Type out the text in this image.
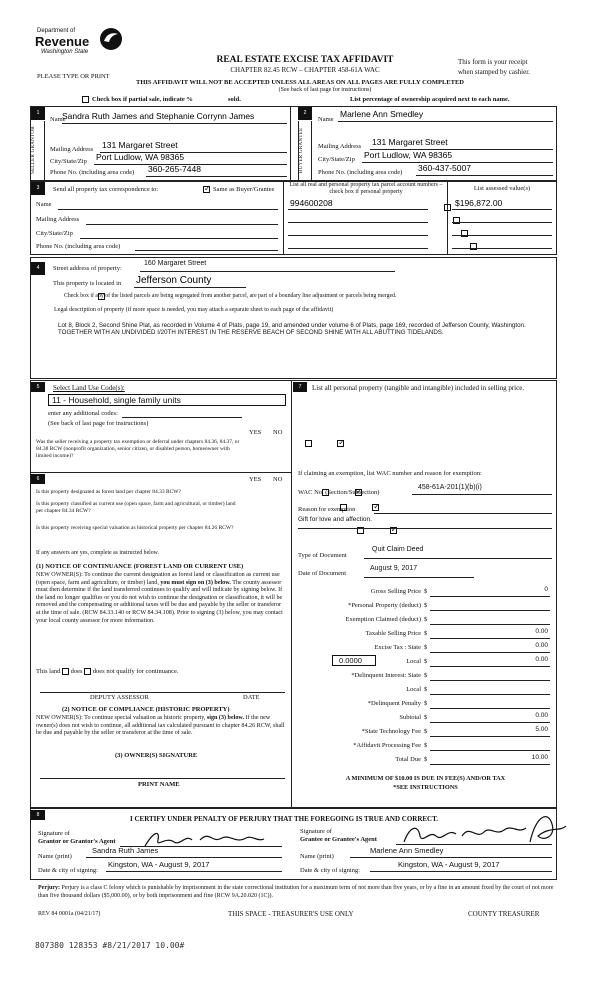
Department of
Revenue
Washington State
PLEASE TYPE OR PRINT
REAL ESTATE EXCISE TAX AFFIDAVIT
CHAPTER 82.45 RCW – CHAPTER 458-61A WAC
This form is your receipt
when stamped by cashier.
THIS AFFIDAVIT WILL NOT BE ACCEPTED UNLESS ALL AREAS ON ALL PAGES ARE FULLY COMPLETED
(See back of last page for instructions)
Check box if partial sale, indicate %	sold.	List percentage of ownership acquired next to each name.
1
SELLER GRANTOR
Name
Sandra Ruth James and Stephanie Corrynn James
Mailing Address 131 Margaret Street
City/State/Zip Port Ludlow, WA 98365
Phone No. (including area code) 360-265-7448
2
BUYER GRANTEE
Name
Marlene Ann Smedley
Mailing Address 131 Margaret Street
City/State/Zip Port Ludlow, WA 98365
Phone No. (including area code) 360-437-5007
3	Send all property tax correspondence to:
✓	Same as Buyer/Grantee
Name
Mailing Address
City/State/Zip
Phone No. (including area code)
List all real and personal property tax parcel account numbers – check box if personal property	List assessed value(s)
994600208	$196,872.00

4	Street address of property:
160 Margaret Street
This property is located in Jefferson County

Check box if any of the listed parcels are being segregated from another parcel, are part of a boundary line adjustment or parcels being merged.
Legal description of property (if more space is needed, you may attach a separate sheet to each page of the affidavit)
Lot 8, Block 2, Second Shine Plat, as recorded in Volume 4 of Plats, page 19, and amended under volume 6 of Plats, page 169, recorded of Jefferson County, Washington. TOGETHER WITH AN UNDIVIDED I/20TH INTEREST IN THE RESERVE BEACH OF SECOND SHINE WITH ALL ABUTTING TIDELANDS.
5	Select Land Use Code(s):
11 - Household, single family units
enter any additional codes:
(See back of last page for instructions)
YES NO
Was the seller receiving a property tax exemption or deferral under chapters 84.36, 84.37, or 84.38 RCW (nonprofit organization, senior citizen, or disabled person, homeowner with limited income)?
✓
6	YES NO
Is this property designated as forest land per chapter 84.33 RCW?
✓
Is this property classified as current use (open space, farm and agricultural, or timber) land per chapter 84.34 RCW?
✓
Is this property receiving special valuation as historical property per chapter 84.26 RCW?
✓
If any answers are yes, complete as instructed below.
(1) NOTICE OF CONTINUANCE (FOREST LAND OR CURRENT USE)
NEW OWNER(S): To continue the current designation as forest land or classification as current use (open space, farm and agriculture, or timber) land, you must sign on (3) below. The county assessor must then determine if the land transferred continues to qualify and will indicate by signing below. If the land no longer qualifies or you do not wish to continue the designation or classification, it will be removed and the compensating or additional taxes will be due and payable by the seller or transferor at the time of sale. (RCW 84.33.140 or RCW 84.34.108). Prior to signing (3) below, you may contact your local county assessor for more information.
This land does does not qualify for continuance.
DEPUTY ASSESSOR	DATE
(2) NOTICE OF COMPLIANCE (HISTORIC PROPERTY)
NEW OWNER(S): To continue special valuation as historic property, sign (3) below. If the new owner(s) does not wish to continue, all additional tax calculated pursuant to chapter 84.26 RCW, shall be due and payable by the seller or transferor at the time of sale.
(3) OWNER(S) SIGNATURE
PRINT NAME
7	List all personal property (tangible and intangible) included in selling price.
If claiming an exemption, list WAC number and reason for exemption:
WAC No. (Section/Subsection)
458-61A-201(1)(b)(i)
Reason for exemption
Gift for love and affection.
Type of Document
Quit Claim Deed
Date of Document
August 9, 2017
Gross Selling Price $	0
*Personal Property (deduct) $
Exemption Claimed (deduct) $
Taxable Selling Price $	0.00
Excise Tax : State $	0.00
0.0000	Local $	0.00
*Delinquent Interest: State $
Local $
*Delinquent Penalty $
Subtotal $	0.00
*State Technology Fee $	5.00
*Affidavit Processing Fee $
Total Due $	10.00
A MINIMUM OF $10.00 IS DUE IN FEE(S) AND/OR TAX
*SEE INSTRUCTIONS
8	I CERTIFY UNDER PENALTY OF PERJURY THAT THE FOREGOING IS TRUE AND CORRECT.
Signature of
Grantor or Grantor's Agent
Name (print)
Sandra Ruth James
Date & city of signing:
Kingston, WA - August 9, 2017
Signature of
Grantee or Grantee's Agent
Name (print)
Marlene Ann Smedley
Date & city of signing:
Kingston, WA - August 9, 2017
Perjury: Perjury is a class C felony which is punishable by imprisonment in the state correctional institution for a maximum term of not more than five years, or by a fine in an amount fixed by the court of not more than five thousand dollars ($5,000.00), or by both imprisonment and fine (RCW 9A.20.020 (1C)).
REV 84 0001a (04/21/17)	THIS SPACE - TREASURER'S USE ONLY	COUNTY TREASURER
807380 128353 #8/21/2017 10.00#
